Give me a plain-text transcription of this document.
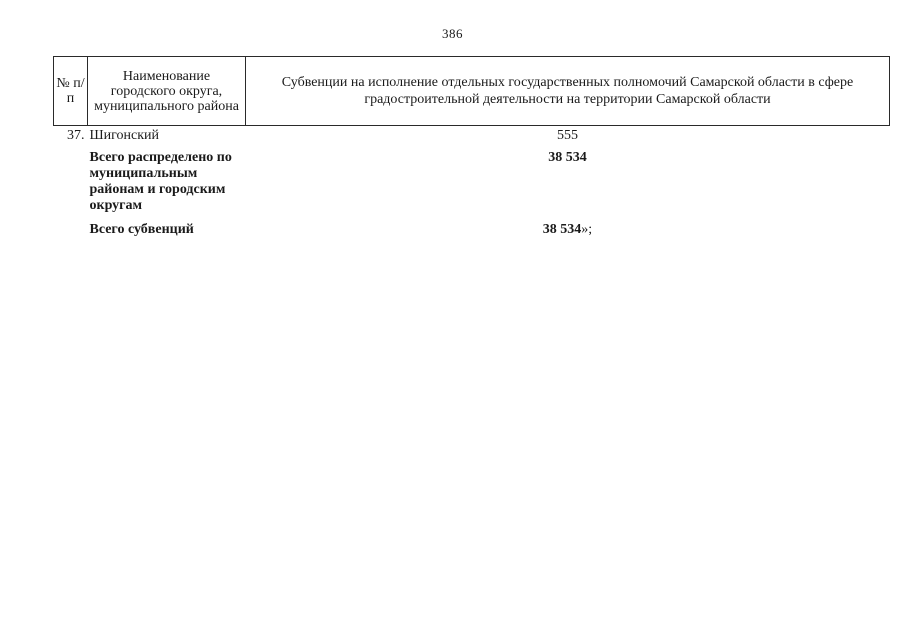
386
№ п/п	Наименование городского округа, муниципального района	Субвенции на исполнение отдельных государственных полномочий Самарской области в сфере градостроительной деятельности на территории Самарской области
37.	Шигонский	555
	Всего распределено по муниципальным районам и городским округам	38 534
	Всего субвенций	38 534»;
